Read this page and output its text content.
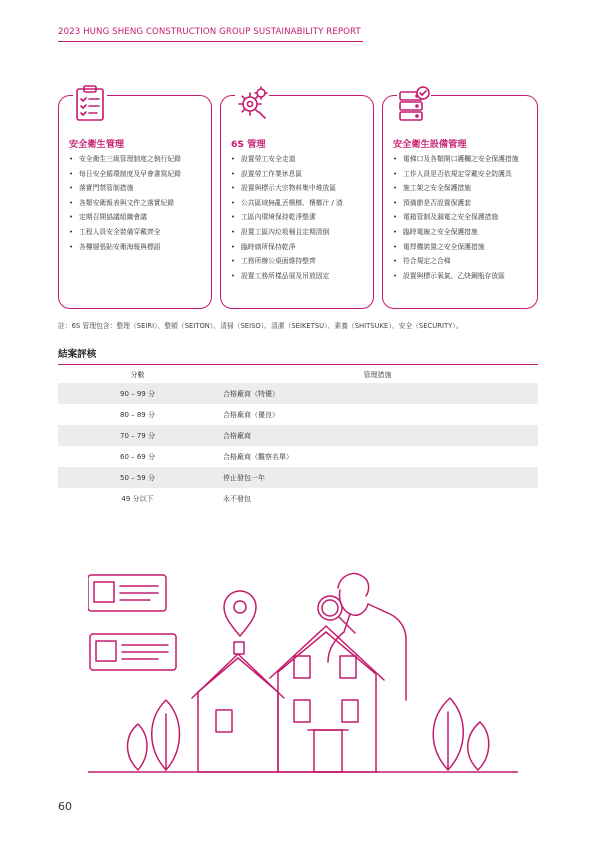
2023 HUNG SHENG CONSTRUCTION GROUP SUSTAINABILITY REPORT
安全衛生管理
• 安全衛生三級管理制度之執行紀錄
• 每日安全循環制度及早會書寫紀錄
• 落實門禁管制措施
• 各類安衛報表與文件之落實紀錄
• 定期召開協議組織會議
• 工程人員安全裝備穿戴齊全
• 各樓層張貼安衛海報與標語
6S 管理
• 設置勞工安全走道
• 設置勞工作業休息區
• 設置與標示大宗物料集中堆放區
• 公共區域無亂丟檳榔、檳榔汁 / 渣
• 工區內環境保持乾淨整潔
• 設置工區內垃圾桶且定期清倒
• 臨時廁所保持乾淨
• 工務所辦公桌面維持整齊
• 設置工務所樣品展及吊放固定
安全衛生設備管理
• 電梯口及各類開口護欄之安全保護措施
• 工作人員是否依規定穿戴安全防護具
• 施工架之安全保護措施
• 預備節是否設置保護套
• 電箱管制及漏電之安全保護措施
• 臨時電線之安全保護措施
• 電焊機裝置之安全保護措施
• 符合規定之合梯
• 設置與標示氧氣、乙炔鋼瓶存放區
註：6S 管理包含：整理（SEIRI）、整頓（SEITON）、清掃（SEISO）、清潔（SEIKETSU）、素養（SHITSUKE）、安全（SECURITY）。
結案評核
分數	管理措施
90 – 99 分	合格廠商（特優）
80 – 89 分	合格廠商（優良）
70 – 79 分	合格廠商
60 – 69 分	合格廠商（觀察名單）
50 – 59 分	停止發包一年
49 分以下	永不發包
60
